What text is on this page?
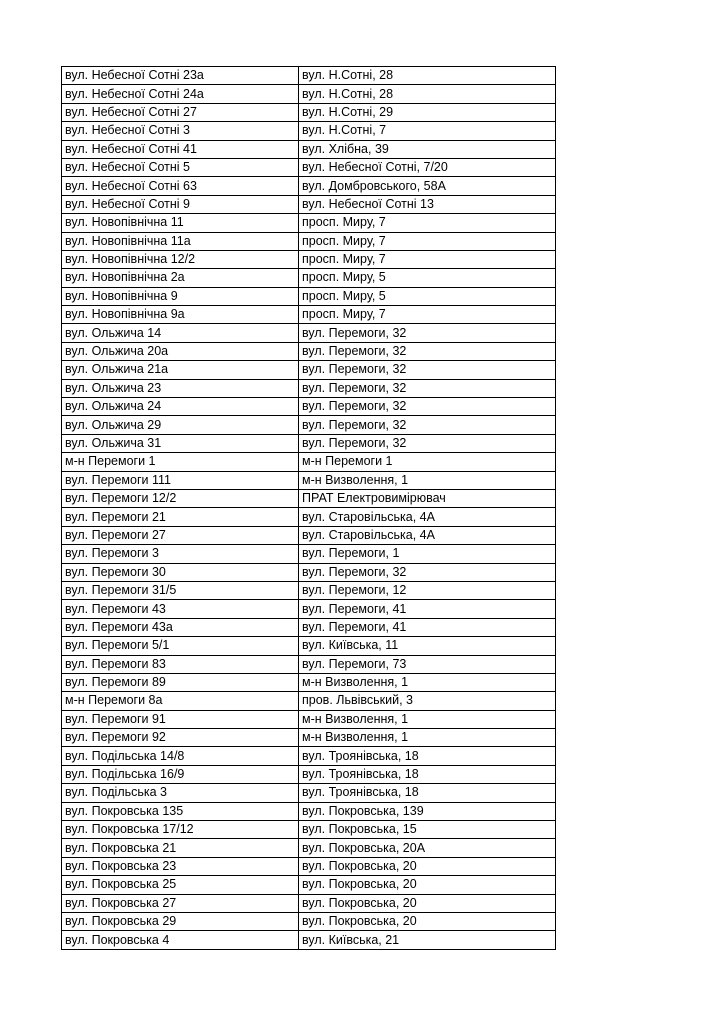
вул. Небесної Сотні 23а	вул. Н.Сотні, 28
вул. Небесної Сотні 24а	вул. Н.Сотні, 28
вул. Небесної Сотні 27	вул. Н.Сотні, 29
вул. Небесної Сотні 3	вул. Н.Сотні, 7
вул. Небесної Сотні 41	вул. Хлібна, 39
вул. Небесної Сотні 5	вул. Небесної Сотні, 7/20
вул. Небесної Сотні 63	вул. Домбровського, 58А
вул. Небесної Сотні 9	вул. Небесної Сотні 13
вул. Новопівнічна 11	просп. Миру, 7
вул. Новопівнічна 11а	просп. Миру, 7
вул. Новопівнічна 12/2	просп. Миру, 7
вул. Новопівнічна 2а	просп. Миру, 5
вул. Новопівнічна 9	просп. Миру, 5
вул. Новопівнічна 9а	просп. Миру, 7
вул. Ольжича 14	вул. Перемоги, 32
вул. Ольжича 20а	вул. Перемоги, 32
вул. Ольжича 21а	вул. Перемоги, 32
вул. Ольжича 23	вул. Перемоги, 32
вул. Ольжича 24	вул. Перемоги, 32
вул. Ольжича 29	вул. Перемоги, 32
вул. Ольжича 31	вул. Перемоги, 32
м-н Перемоги 1	м-н Перемоги 1
вул. Перемоги 111	м-н Визволення, 1
вул. Перемоги 12/2	ПРАТ Електровимірювач
вул. Перемоги 21	вул. Старовільська, 4А
вул. Перемоги 27	вул. Старовільська, 4А
вул. Перемоги 3	вул. Перемоги, 1
вул. Перемоги 30	вул. Перемоги, 32
вул. Перемоги 31/5	вул. Перемоги, 12
вул. Перемоги 43	вул. Перемоги, 41
вул. Перемоги 43а	вул. Перемоги, 41
вул. Перемоги 5/1	вул. Київська, 11
вул. Перемоги 83	вул. Перемоги, 73
вул. Перемоги 89	м-н Визволення, 1
м-н Перемоги 8а	пров. Львівський, 3
вул. Перемоги 91	м-н Визволення, 1
вул. Перемоги 92	м-н Визволення, 1
вул. Подільська 14/8	вул. Троянівська, 18
вул. Подільська 16/9	вул. Троянівська, 18
вул. Подільська 3	вул. Троянівська, 18
вул. Покровська 135	вул. Покровська, 139
вул. Покровська 17/12	вул. Покровська, 15
вул. Покровська 21	вул. Покровська, 20А
вул. Покровська 23	вул. Покровська, 20
вул. Покровська 25	вул. Покровська, 20
вул. Покровська 27	вул. Покровська, 20
вул. Покровська 29	вул. Покровська, 20
вул. Покровська 4	вул. Київська, 21
